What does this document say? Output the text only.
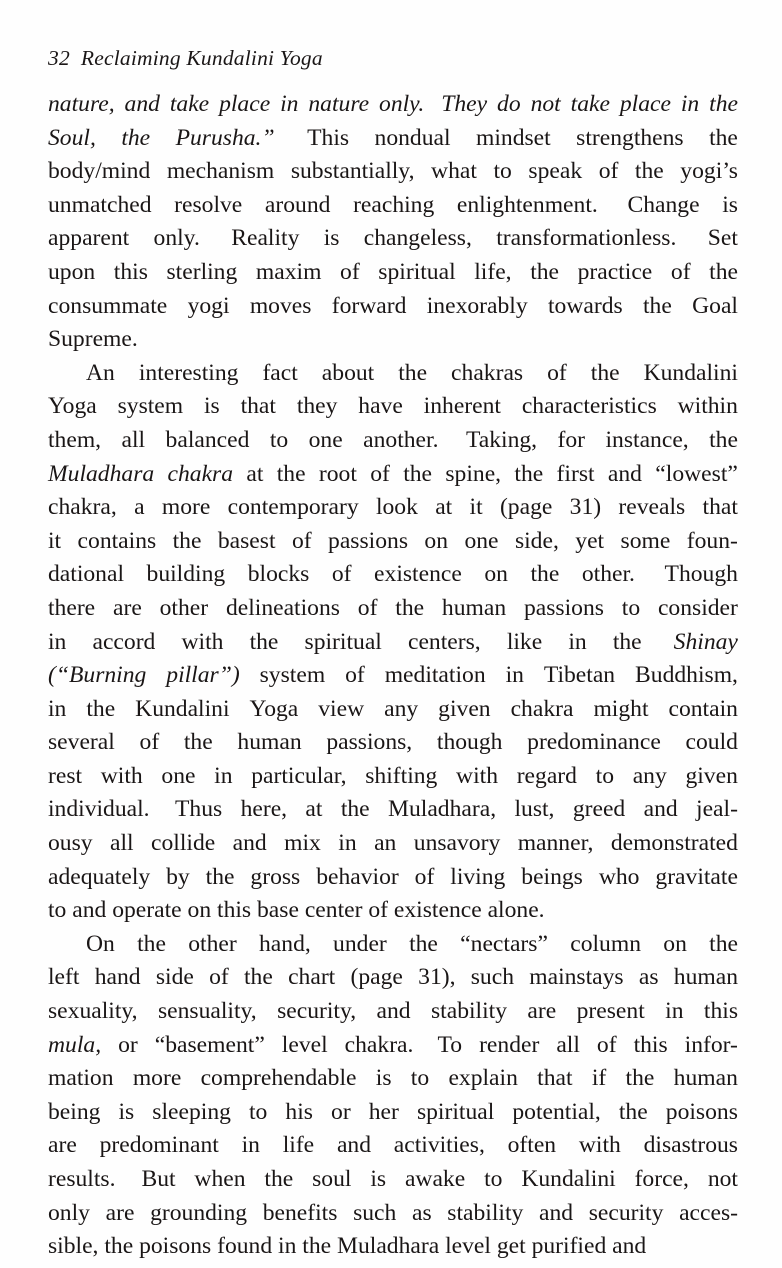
32 Reclaiming Kundalini Yoga
nature, and take place in nature only. They do not take place in the
Soul, the Purusha.” This nondual mindset strengthens the
body/mind mechanism substantially, what to speak of the yogi’s
unmatched resolve around reaching enlightenment. Change is
apparent only. Reality is changeless, transformationless. Set
upon this sterling maxim of spiritual life, the practice of the
consummate yogi moves forward inexorably towards the Goal
Supreme.
An interesting fact about the chakras of the Kundalini
Yoga system is that they have inherent characteristics within
them, all balanced to one another. Taking, for instance, the
Muladhara chakra at the root of the spine, the first and “lowest”
chakra, a more contemporary look at it (page 31) reveals that
it contains the basest of passions on one side, yet some foun-
dational building blocks of existence on the other. Though
there are other delineations of the human passions to consider
in accord with the spiritual centers, like in the Shinay
(“Burning pillar”) system of meditation in Tibetan Buddhism,
in the Kundalini Yoga view any given chakra might contain
several of the human passions, though predominance could
rest with one in particular, shifting with regard to any given
individual. Thus here, at the Muladhara, lust, greed and jeal-
ousy all collide and mix in an unsavory manner, demonstrated
adequately by the gross behavior of living beings who gravitate
to and operate on this base center of existence alone.
On the other hand, under the “nectars” column on the
left hand side of the chart (page 31), such mainstays as human
sexuality, sensuality, security, and stability are present in this
mula, or “basement” level chakra. To render all of this infor-
mation more comprehendable is to explain that if the human
being is sleeping to his or her spiritual potential, the poisons
are predominant in life and activities, often with disastrous
results. But when the soul is awake to Kundalini force, not
only are grounding benefits such as stability and security acces-
sible, the poisons found in the Muladhara level get purified and
